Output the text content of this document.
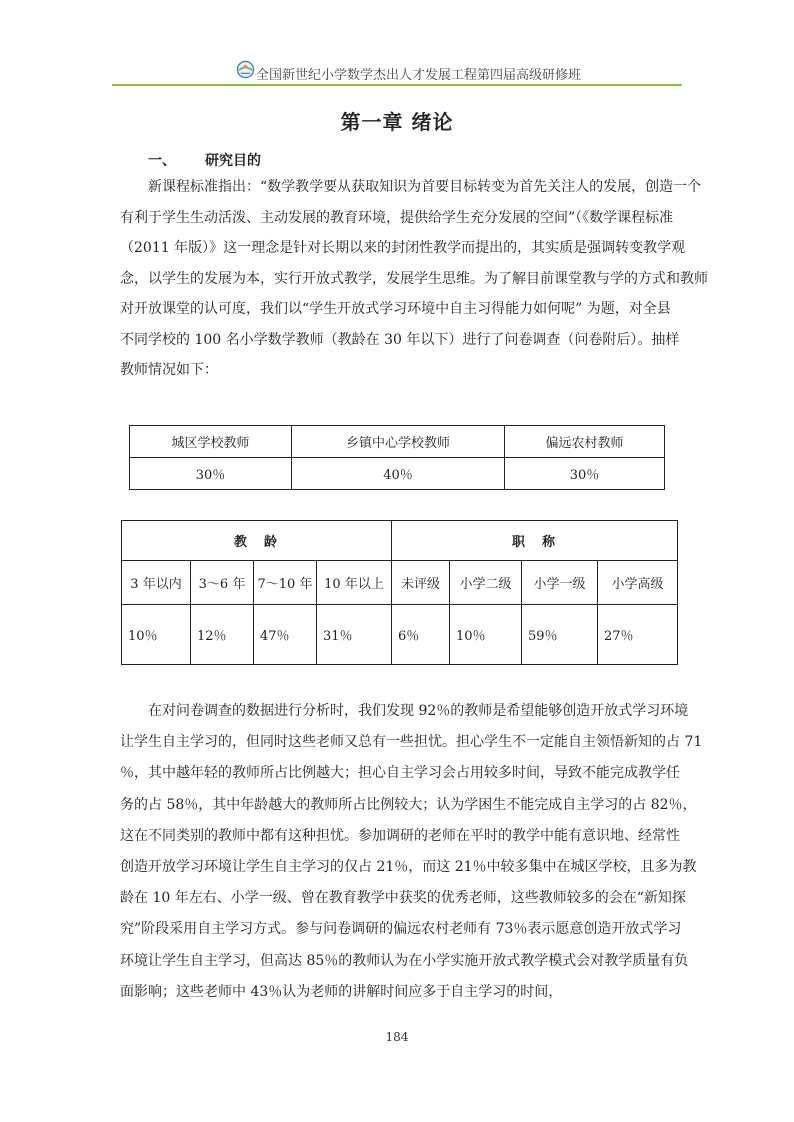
全国新世纪小学数学杰出人才发展工程第四届高级研修班
第一章 绪论
一、 研究目的
新课程标准指出：“数学教学要从获取知识为首要目标转变为首先关注人的发展，创造一个
有利于学生生动活泼、主动发展的教育环境，提供给学生充分发展的空间”（《数学课程标准
（2011 年版）》这一理念是针对长期以来的封闭性教学而提出的，其实质是强调转变教学观
念，以学生的发展为本，实行开放式教学，发展学生思维。为了解目前课堂教与学的方式和教师
对开放课堂的认可度，我们以“学生开放式学习环境中自主习得能力如何呢” 为题，对全县
不同学校的 100 名小学数学教师（教龄在 30 年以下）进行了问卷调查（问卷附后）。抽样
教师情况如下：
城区学校教师	乡镇中心学校教师	偏远农村教师
30％	40％	30％
教　龄				职　称			
3 年以内	3～6 年	7～10 年	10 年以上	未评级	小学二级	小学一级	小学高级
10％	12％	47％	31％	6％	10％	59％	27％
在对问卷调查的数据进行分析时，我们发现 92％的教师是希望能够创造开放式学习环境
让学生自主学习的，但同时这些老师又总有一些担忧。担心学生不一定能自主领悟新知的占 71
％，其中越年轻的教师所占比例越大；担心自主学习会占用较多时间，导致不能完成教学任
务的占 58％，其中年龄越大的教师所占比例较大；认为学困生不能完成自主学习的占 82％，
这在不同类别的教师中都有这种担忧。参加调研的老师在平时的教学中能有意识地、经常性
创造开放学习环境让学生自主学习的仅占 21％，而这 21％中较多集中在城区学校，且多为教
龄在 10 年左右、小学一级、曾在教育教学中获奖的优秀老师，这些教师较多的会在“新知探
究”阶段采用自主学习方式。参与问卷调研的偏远农村老师有 73％表示愿意创造开放式学习
环境让学生自主学习，但高达 85％的教师认为在小学实施开放式教学模式会对教学质量有负
面影响；这些老师中 43％认为老师的讲解时间应多于自主学习的时间，
184
